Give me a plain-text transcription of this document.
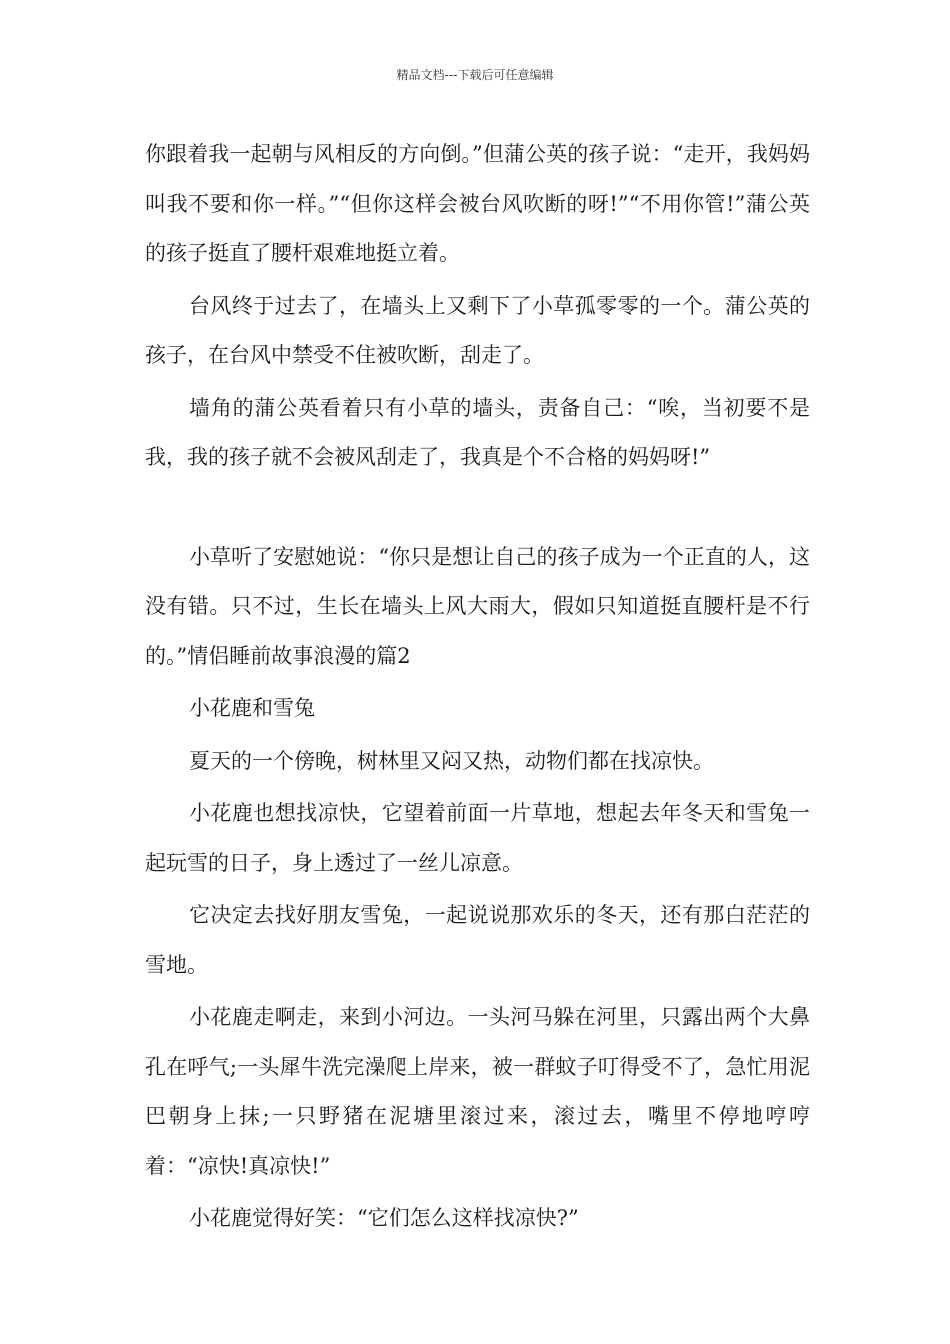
精品文档---下载后可任意编辑

你跟着我一起朝与风相反的方向倒。”但蒲公英的孩子说：“走开，我妈妈叫我不要和你一样。”“但你这样会被台风吹断的呀!”“不用你管!”蒲公英的孩子挺直了腰杆艰难地挺立着。

台风终于过去了，在墙头上又剩下了小草孤零零的一个。蒲公英的孩子，在台风中禁受不住被吹断，刮走了。

墙角的蒲公英看着只有小草的墙头，责备自己：“唉，当初要不是我，我的孩子就不会被风刮走了，我真是个不合格的妈妈呀!”

小草听了安慰她说：“你只是想让自己的孩子成为一个正直的人，这没有错。只不过，生长在墙头上风大雨大，假如只知道挺直腰杆是不行的。”情侣睡前故事浪漫的篇2

小花鹿和雪兔

夏天的一个傍晚，树林里又闷又热，动物们都在找凉快。

小花鹿也想找凉快，它望着前面一片草地，想起去年冬天和雪兔一起玩雪的日子，身上透过了一丝儿凉意。

它决定去找好朋友雪兔，一起说说那欢乐的冬天，还有那白茫茫的雪地。

小花鹿走啊走，来到小河边。一头河马躲在河里，只露出两个大鼻孔在呼气;一头犀牛洗完澡爬上岸来，被一群蚊子叮得受不了，急忙用泥巴朝身上抹;一只野猪在泥塘里滚过来，滚过去，嘴里不停地哼哼着：“凉快!真凉快!”

小花鹿觉得好笑：“它们怎么这样找凉快?”
